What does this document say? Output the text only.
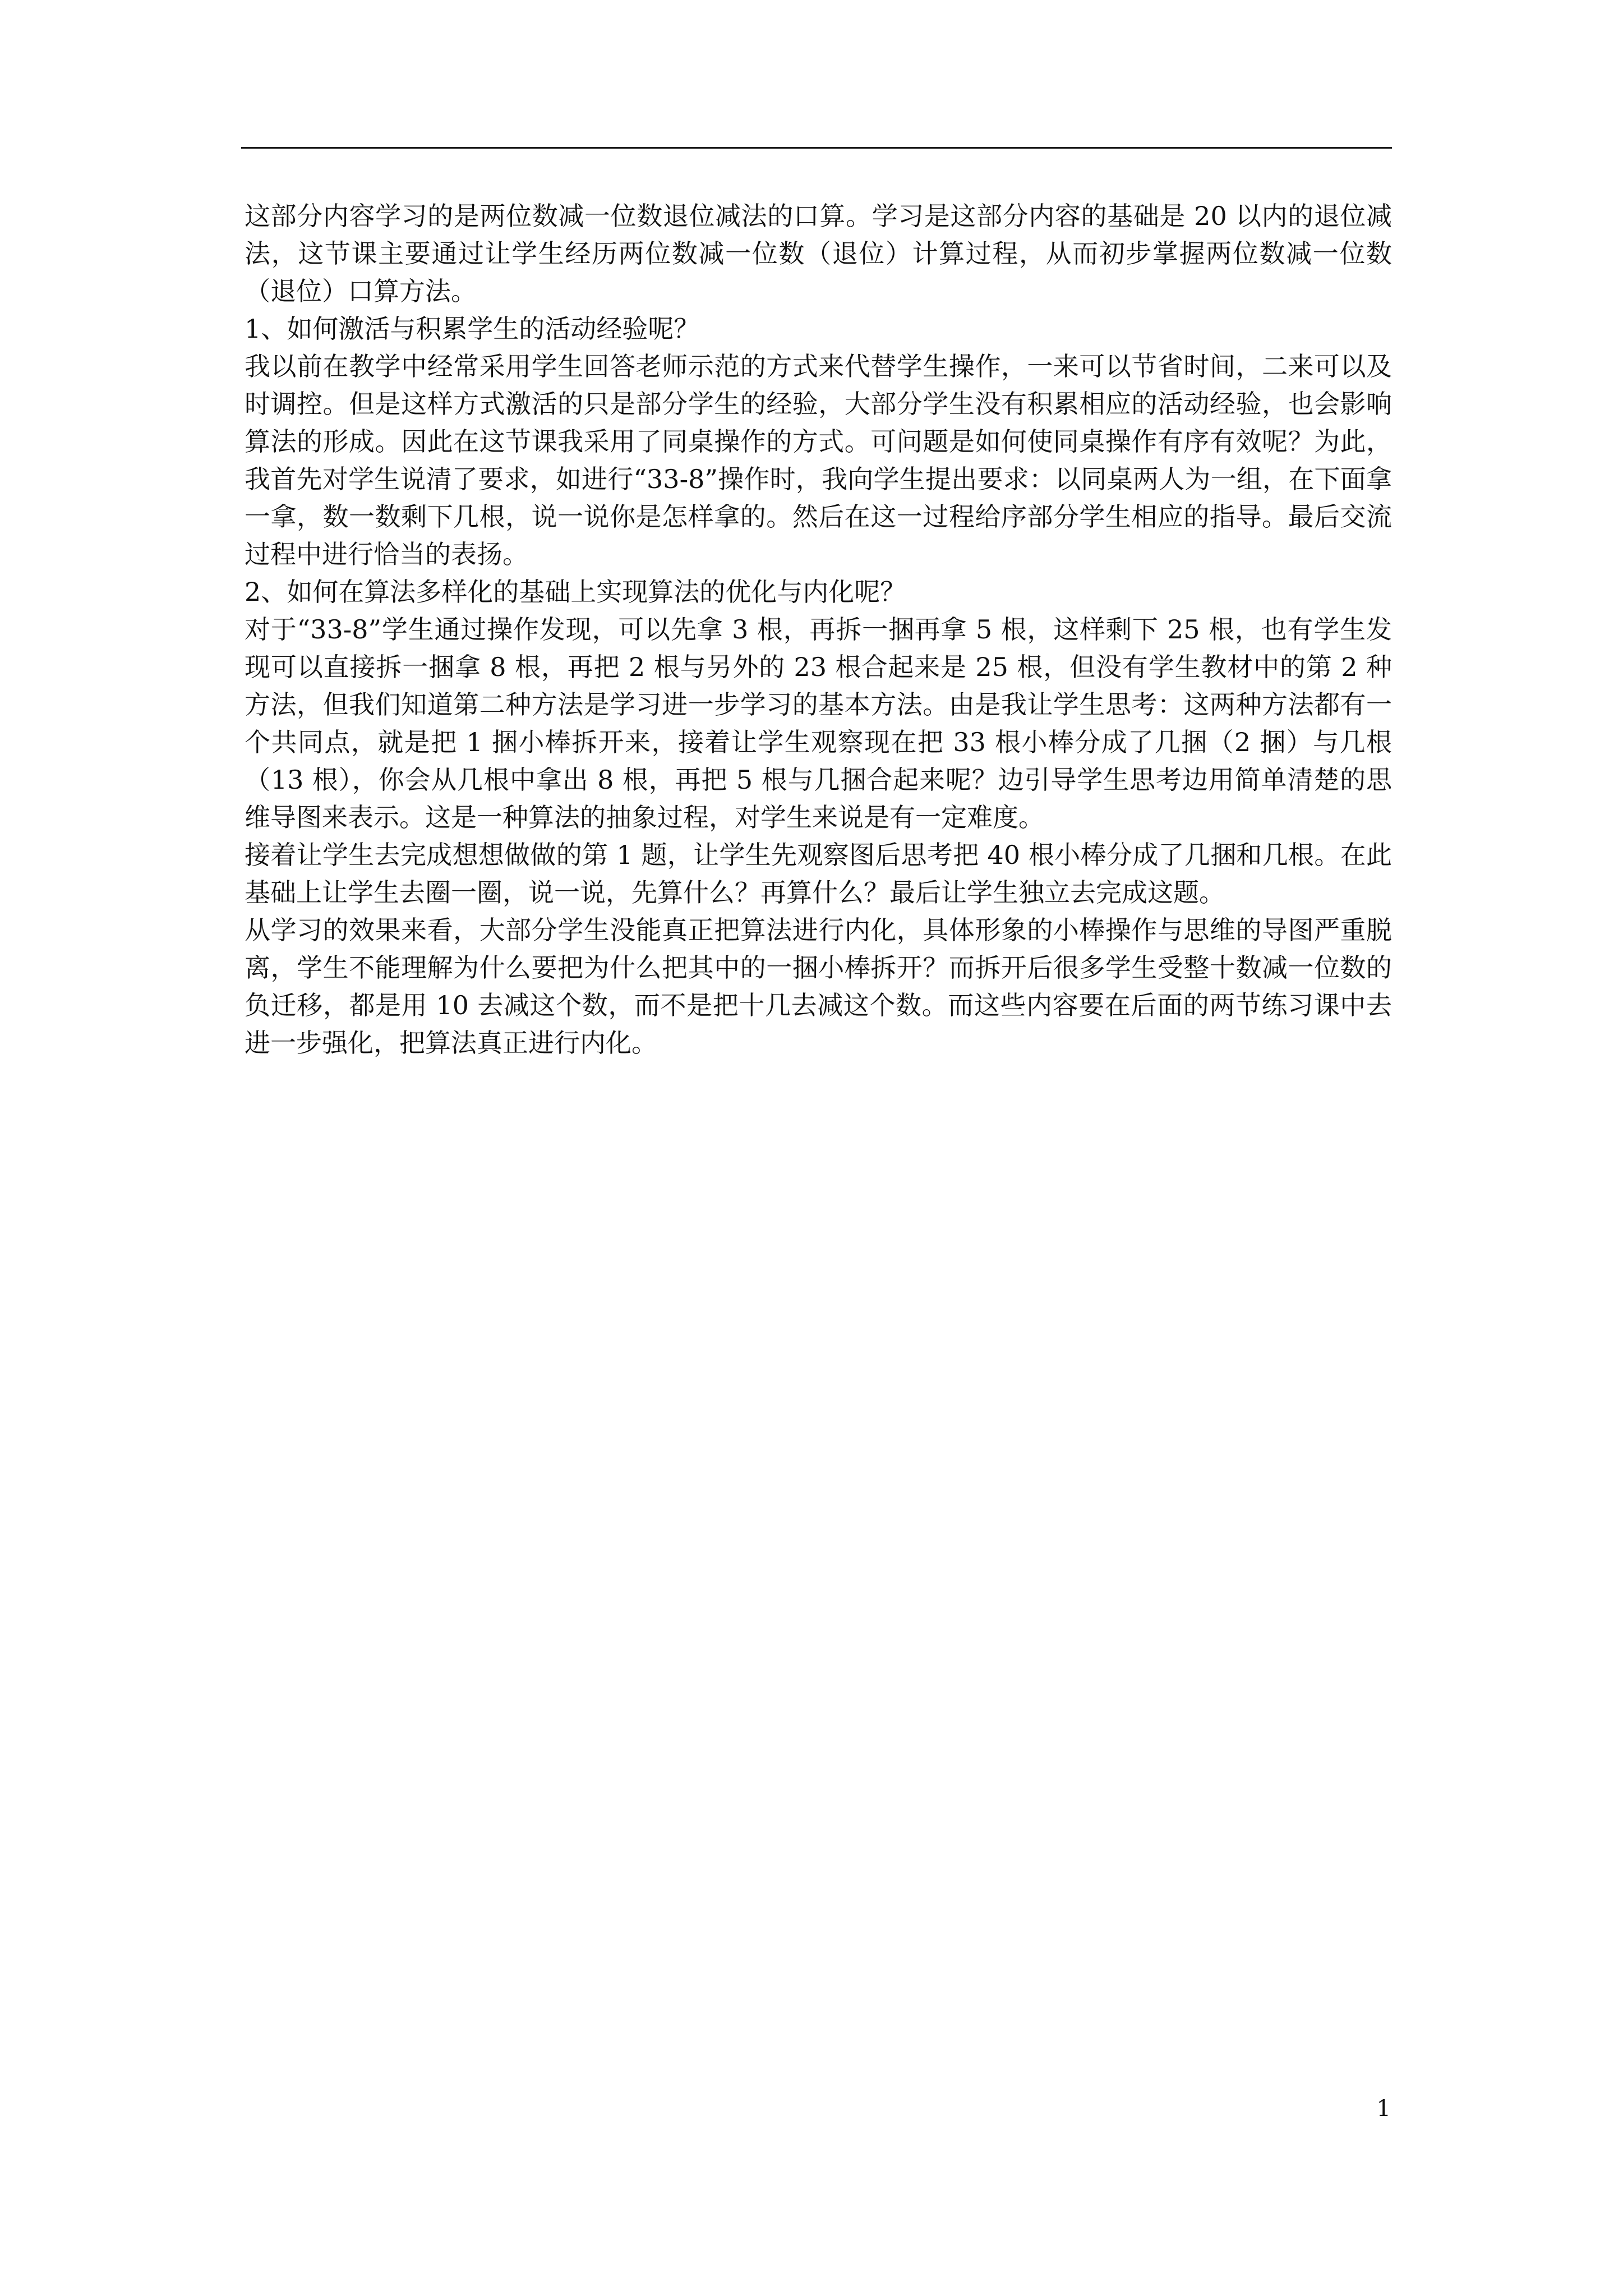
这部分内容学习的是两位数减一位数退位减法的口算。学习是这部分内容的基础是 20 以内的退位减法，这节课主要通过让学生经历两位数减一位数（退位）计算过程，从而初步掌握两位数减一位数（退位）口算方法。

1、如何激活与积累学生的活动经验呢？

我以前在教学中经常采用学生回答老师示范的方式来代替学生操作，一来可以节省时间，二来可以及时调控。但是这样方式激活的只是部分学生的经验，大部分学生没有积累相应的活动经验，也会影响算法的形成。因此在这节课我采用了同桌操作的方式。可问题是如何使同桌操作有序有效呢？为此，我首先对学生说清了要求，如进行“33-8”操作时，我向学生提出要求：以同桌两人为一组，在下面拿一拿，数一数剩下几根，说一说你是怎样拿的。然后在这一过程给序部分学生相应的指导。最后交流过程中进行恰当的表扬。

2、如何在算法多样化的基础上实现算法的优化与内化呢？

对于“33-8”学生通过操作发现，可以先拿 3 根，再拆一捆再拿 5 根，这样剩下 25 根，也有学生发现可以直接拆一捆拿 8 根，再把 2 根与另外的 23 根合起来是 25 根，但没有学生教材中的第 2 种方法，但我们知道第二种方法是学习进一步学习的基本方法。由是我让学生思考：这两种方法都有一个共同点，就是把 1 捆小棒拆开来，接着让学生观察现在把 33 根小棒分成了几捆（2 捆）与几根（13 根），你会从几根中拿出 8 根，再把 5 根与几捆合起来呢？边引导学生思考边用简单清楚的思维导图来表示。这是一种算法的抽象过程，对学生来说是有一定难度。

接着让学生去完成想想做做的第 1 题，让学生先观察图后思考把 40 根小棒分成了几捆和几根。在此基础上让学生去圈一圈，说一说，先算什么？再算什么？最后让学生独立去完成这题。

从学习的效果来看，大部分学生没能真正把算法进行内化，具体形象的小棒操作与思维的导图严重脱离，学生不能理解为什么要把为什么把其中的一捆小棒拆开？而拆开后很多学生受整十数减一位数的负迁移，都是用 10 去减这个数，而不是把十几去减这个数。而这些内容要在后面的两节练习课中去进一步强化，把算法真正进行内化。

1
